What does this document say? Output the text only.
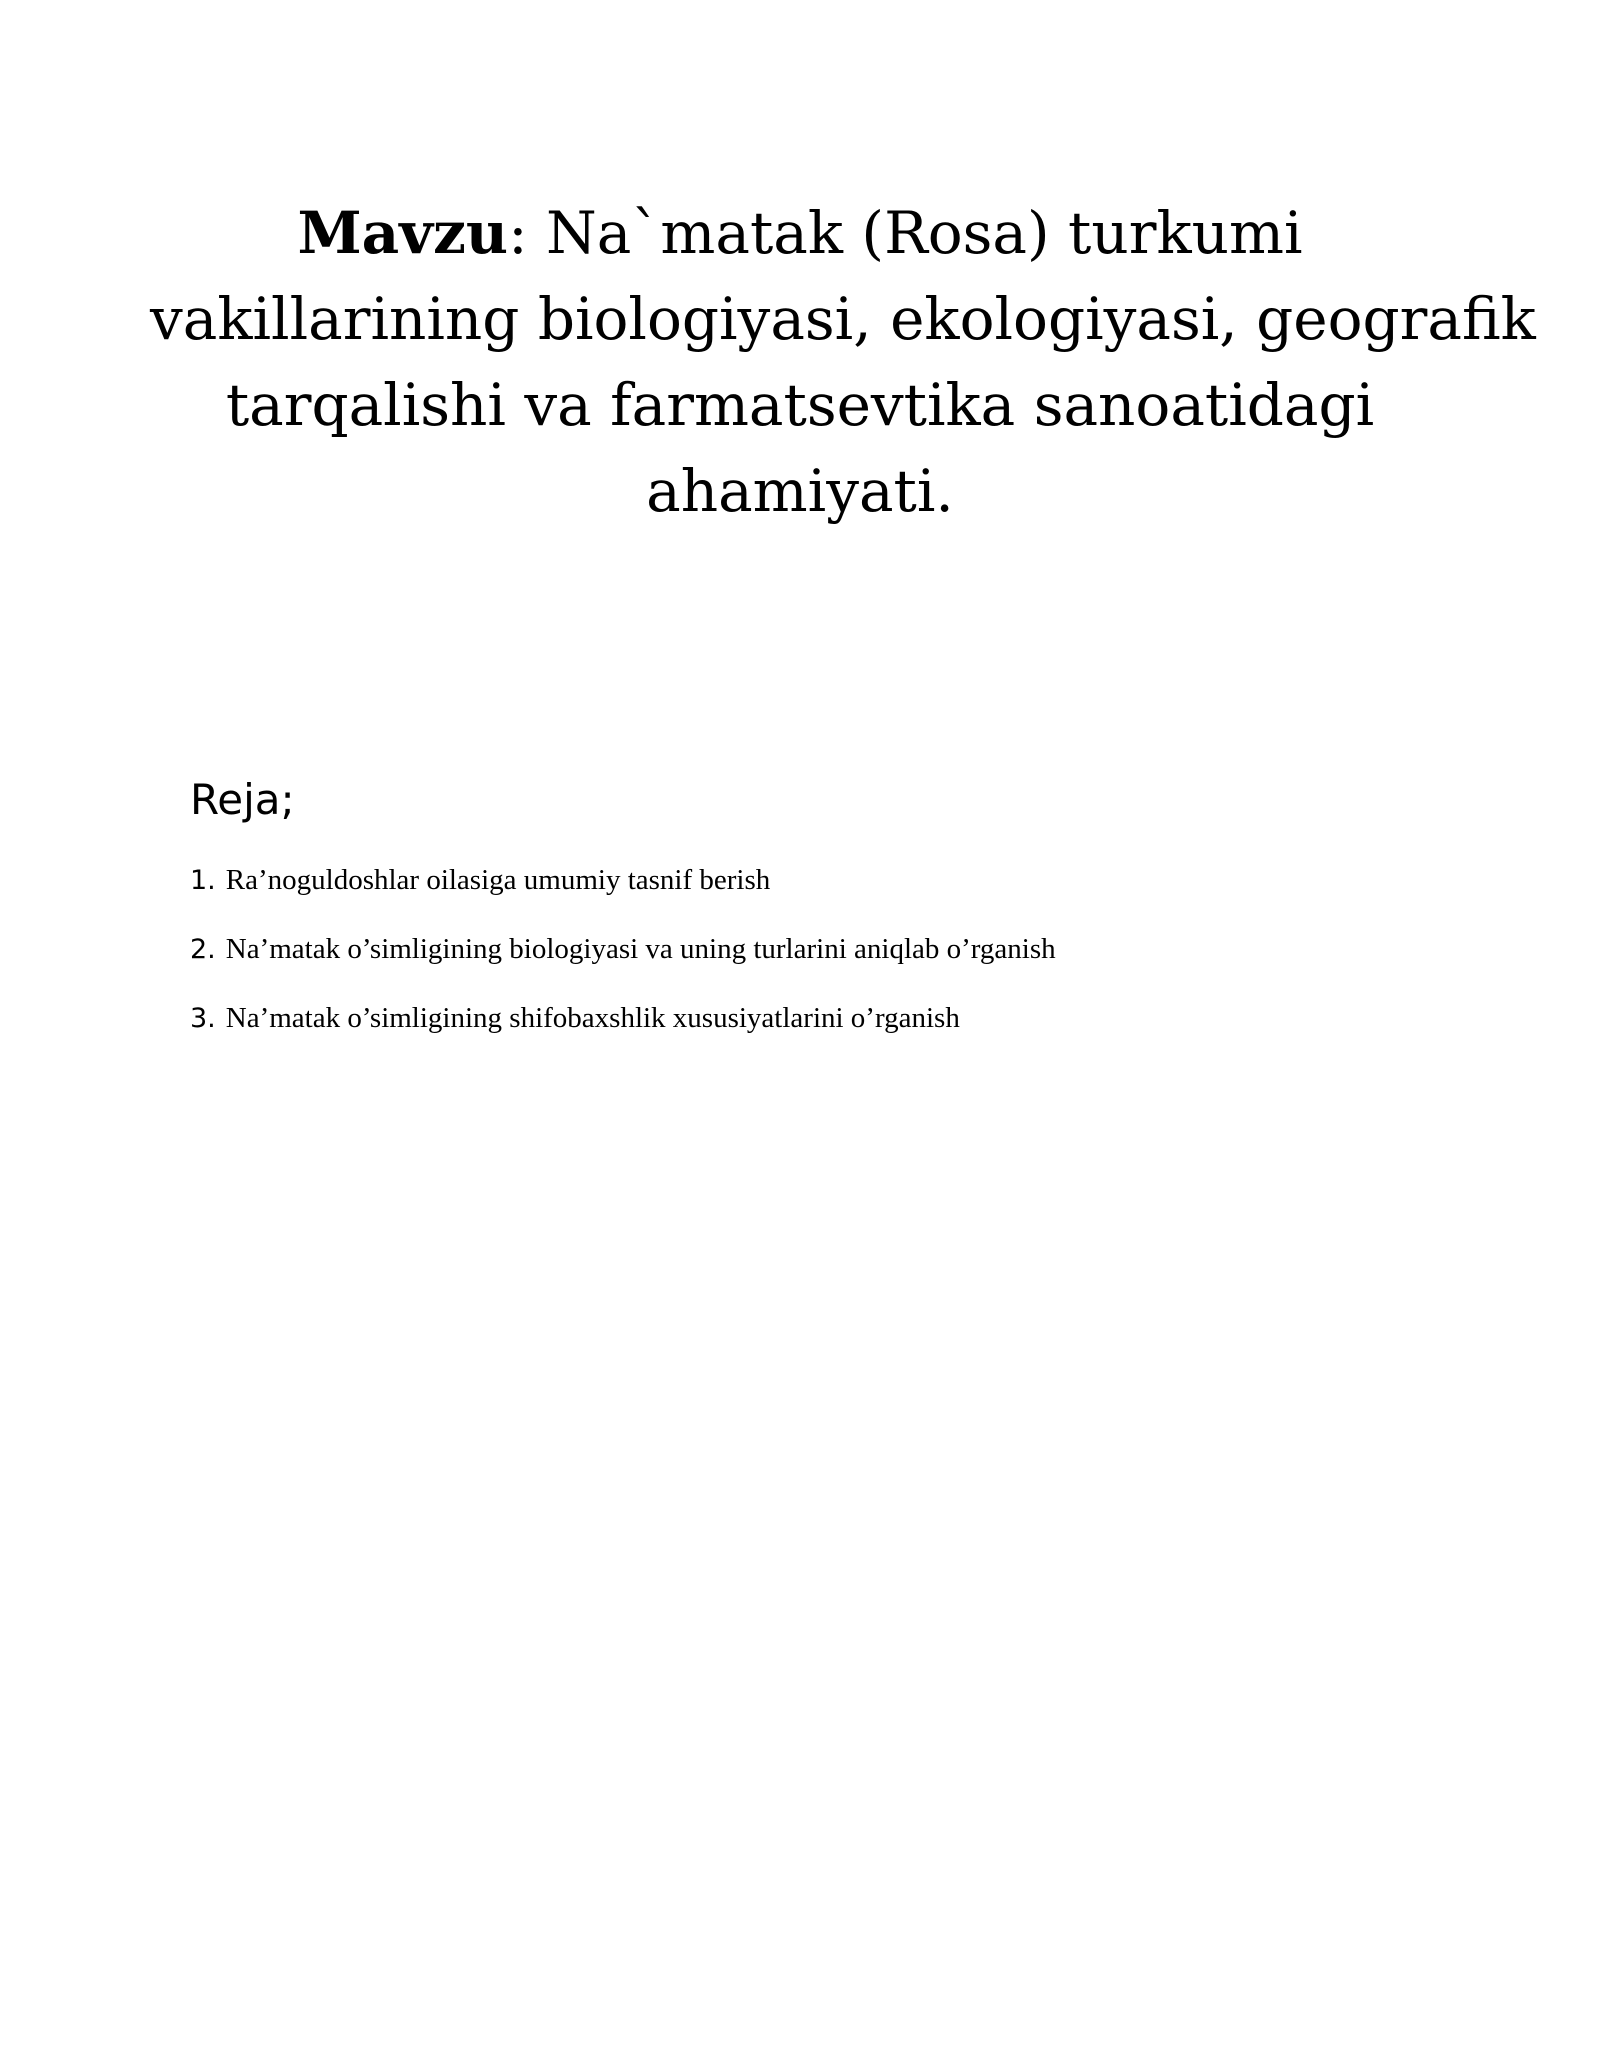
Mavzu: Na`matak (Rosa) turkumi
vakillarining biologiyasi, ekologiyasi, geografik
tarqalishi va farmatsevtika sanoatidagi
ahamiyati.
Reja;
1. Ra’noguldoshlar oilasiga umumiy tasnif berish
2. Na’matak o’simligining biologiyasi va uning turlarini aniqlab o’rganish
3. Na’matak o’simligining shifobaxshlik xususiyatlarini o’rganish
